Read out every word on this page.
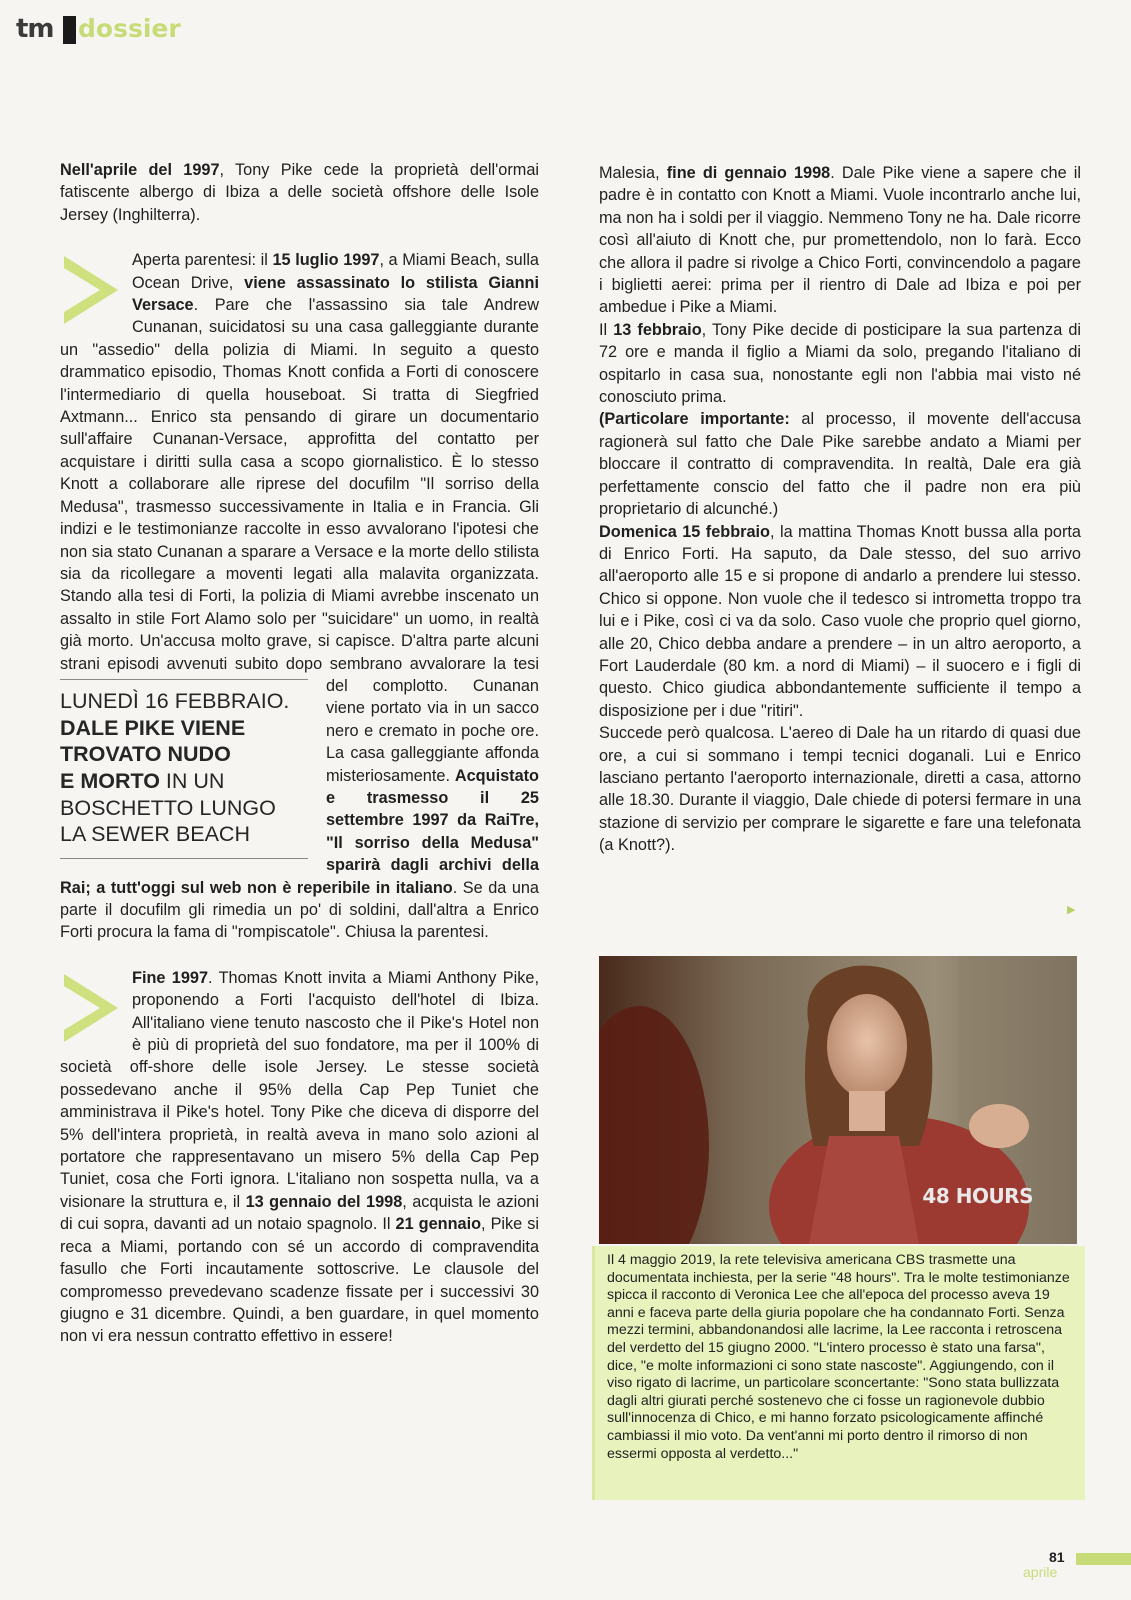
tm dossier

Nell'aprile del 1997, Tony Pike cede la proprietà dell'ormai fatiscente albergo di Ibiza a delle società offshore delle Isole Jersey (Inghilterra).

LUNEDÌ 16 FEBBRAIO.

DALE PIKE VIENE

TROVATO NUDO

E MORTO IN UN

BOSCHETTO LUNGO

LA SEWER BEACH

Aperta parentesi: il 15 luglio 1997, a Miami Beach, sulla Ocean Drive, viene assassinato lo stilista Gianni Versace. Pare che l'assassino sia tale Andrew Cunanan, suicidatosi su una casa galleggiante durante un "assedio" della polizia di Miami. In seguito a questo drammatico episodio, Thomas Knott confida a Forti di conoscere l'intermediario di quella houseboat. Si tratta di Siegfried Axtmann... Enrico sta pensando di girare un documentario sull'affaire Cunanan-Versace, approfitta del contatto per acquistare i diritti sulla casa a scopo giornalistico. È lo stesso Knott a collaborare alle riprese del docufilm "Il sorriso della Medusa", trasmesso successivamente in Italia e in Francia. Gli indizi e le testimonianze raccolte in esso avvalorano l'ipotesi che non sia stato Cunanan a sparare a Versace e la morte dello stilista sia da ricollegare a moventi legati alla malavita organizzata. Stando alla tesi di Forti, la polizia di Miami avrebbe inscenato un assalto in stile Fort Alamo solo per "suicidare" un uomo, in realtà già morto. Un'accusa molto grave, si capisce. D'altra parte alcuni strani episodi avvenuti subito dopo sembrano avvalorare la tesi del complotto. Cunanan viene portato via in un sacco nero e cremato in poche ore. La casa galleggiante affonda misteriosamente. Acquistato e trasmesso il 25 settembre 1997 da RaiTre, "Il sorriso della Medusa" sparirà dagli archivi della Rai; a tutt'oggi sul web non è reperibile in italiano. Se da una parte il docufilm gli rimedia un po' di soldini, dall'altra a Enrico Forti procura la fama di "rompiscatole". Chiusa la parentesi.

Fine 1997. Thomas Knott invita a Miami Anthony Pike, proponendo a Forti l'acquisto dell'hotel di Ibiza. All'italiano viene tenuto nascosto che il Pike's Hotel non è più di proprietà del suo fondatore, ma per il 100% di società off-shore delle isole Jersey. Le stesse società possedevano anche il 95% della Cap Pep Tuniet che amministrava il Pike's hotel. Tony Pike che diceva di disporre del 5% dell'intera proprietà, in realtà aveva in mano solo azioni al portatore che rappresentavano un misero 5% della Cap Pep Tuniet, cosa che Forti ignora. L'italiano non sospetta nulla, va a visionare la struttura e, il 13 gennaio del 1998, acquista le azioni di cui sopra, davanti ad un notaio spagnolo. Il 21 gennaio, Pike si reca a Miami, portando con sé un accordo di compravendita fasullo che Forti incautamente sottoscrive. Le clausole del compromesso prevedevano scadenze fissate per i successivi 30 giugno e 31 dicembre. Quindi, a ben guardare, in quel momento non vi era nessun contratto effettivo in essere!

Malesia, fine di gennaio 1998. Dale Pike viene a sapere che il padre è in contatto con Knott a Miami. Vuole incontrarlo anche lui, ma non ha i soldi per il viaggio. Nemmeno Tony ne ha. Dale ricorre così all'aiuto di Knott che, pur promettendolo, non lo farà. Ecco che allora il padre si rivolge a Chico Forti, convincendolo a pagare i biglietti aerei: prima per il rientro di Dale ad Ibiza e poi per ambedue i Pike a Miami.

Il 13 febbraio, Tony Pike decide di posticipare la sua partenza di 72 ore e manda il figlio a Miami da solo, pregando l'italiano di ospitarlo in casa sua, nonostante egli non l'abbia mai visto né conosciuto prima.

(Particolare importante: al processo, il movente dell'accusa ragionerà sul fatto che Dale Pike sarebbe andato a Miami per bloccare il contratto di compravendita. In realtà, Dale era già perfettamente conscio del fatto che il padre non era più proprietario di alcunché.)

Domenica 15 febbraio, la mattina Thomas Knott bussa alla porta di Enrico Forti. Ha saputo, da Dale stesso, del suo arrivo all'aeroporto alle 15 e si propone di andarlo a prendere lui stesso. Chico si oppone. Non vuole che il tedesco si intrometta troppo tra lui e i Pike, così ci va da solo. Caso vuole che proprio quel giorno, alle 20, Chico debba andare a prendere – in un altro aeroporto, a Fort Lauderdale (80 km. a nord di Miami) – il suocero e i figli di questo. Chico giudica abbondantemente sufficiente il tempo a disposizione per i due "ritiri".

Succede però qualcosa. L'aereo di Dale ha un ritardo di quasi due ore, a cui si sommano i tempi tecnici doganali. Lui e Enrico lasciano pertanto l'aeroporto internazionale, diretti a casa, attorno alle 18.30. Durante il viaggio, Dale chiede di potersi fermare in una stazione di servizio per comprare le sigarette e fare una telefonata (a Knott?).

▶
48 HOURS
Il 4 maggio 2019, la rete televisiva americana CBS trasmette una documentata inchiesta, per la serie "48 hours". Tra le molte testimonianze spicca il racconto di Veronica Lee che all'epoca del processo aveva 19 anni e faceva parte della giuria popolare che ha condannato Forti. Senza mezzi termini, abbandonandosi alle lacrime, la Lee racconta i retroscena del verdetto del 15 giugno 2000. "L'intero processo è stato una farsa", dice, "e molte informazioni ci sono state nascoste". Aggiungendo, con il viso rigato di lacrime, un particolare sconcertante: "Sono stata bullizzata dagli altri giurati perché sostenevo che ci fosse un ragionevole dubbio sull'innocenza di Chico, e mi hanno forzato psicologicamente affinché cambiassi il mio voto. Da vent'anni mi porto dentro il rimorso di non essermi opposta al verdetto..."
81
aprile
